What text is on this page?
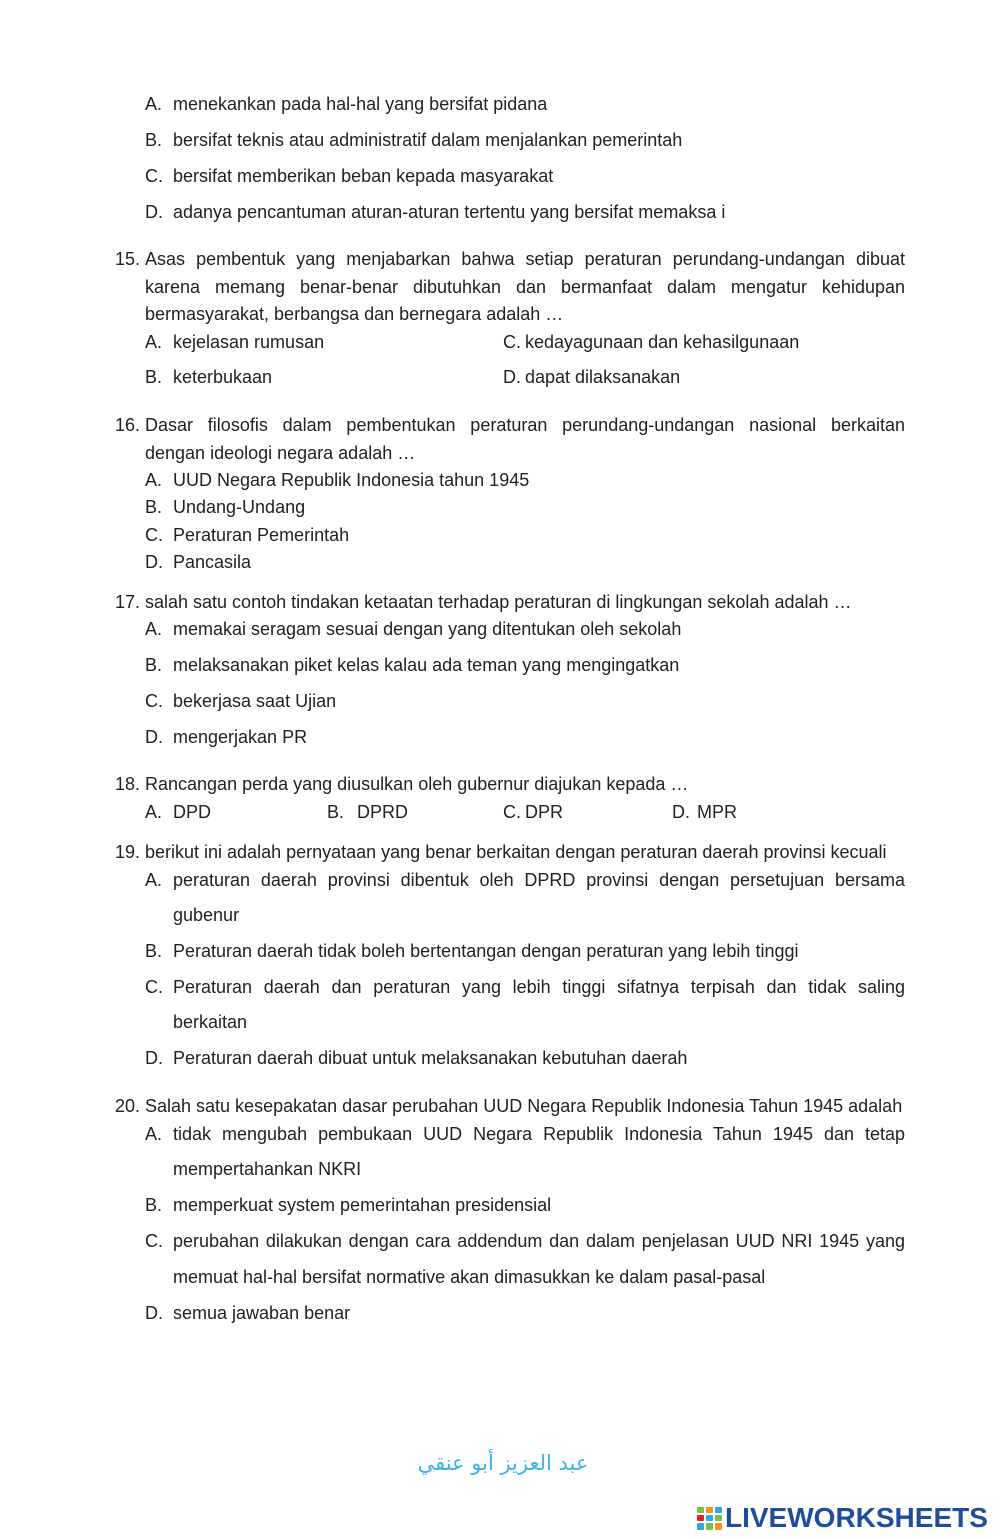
A. menekankan pada hal-hal yang bersifat pidana
B. bersifat teknis atau administratif dalam menjalankan pemerintah
C. bersifat memberikan beban kepada masyarakat
D. adanya pencantuman aturan-aturan tertentu yang bersifat memaksa i
15. Asas pembentuk yang menjabarkan bahwa setiap peraturan perundang-undangan dibuat
karena memang benar-benar dibutuhkan dan bermanfaat dalam mengatur kehidupan
bermasyarakat, berbangsa dan bernegara adalah …
A. kejelasan rumusan
B. keterbukaan
C. kedayagunaan dan kehasilgunaan
D. dapat dilaksanakan
16. Dasar filosofis dalam pembentukan peraturan perundang-undangan nasional berkaitan
dengan ideologi negara adalah …
A. UUD Negara Republik Indonesia tahun 1945
B. Undang-Undang
C. Peraturan Pemerintah
D. Pancasila
17. salah satu contoh tindakan ketaatan terhadap peraturan di lingkungan sekolah adalah …
A. memakai seragam sesuai dengan yang ditentukan oleh sekolah
B. melaksanakan piket kelas kalau ada teman yang mengingatkan
C. bekerjasa saat Ujian
D. mengerjakan PR
18. Rancangan perda yang diusulkan oleh gubernur diajukan kepada …
A. DPD	B. DPRD	C. DPR	D. MPR
19. berikut ini adalah pernyataan yang benar berkaitan dengan peraturan daerah provinsi kecuali
A. peraturan daerah provinsi dibentuk oleh DPRD provinsi dengan persetujuan bersama
gubenur
B. Peraturan daerah tidak boleh bertentangan dengan peraturan yang lebih tinggi
C. Peraturan daerah dan peraturan yang lebih tinggi sifatnya terpisah dan tidak saling
berkaitan
D. Peraturan daerah dibuat untuk melaksanakan kebutuhan daerah
20. Salah satu kesepakatan dasar perubahan UUD Negara Republik Indonesia Tahun 1945 adalah
A. tidak mengubah pembukaan UUD Negara Republik Indonesia Tahun 1945 dan tetap
mempertahankan NKRI
B. memperkuat system pemerintahan presidensial
C. perubahan dilakukan dengan cara addendum dan dalam penjelasan UUD NRI 1945 yang
memuat hal-hal bersifat normative akan dimasukkan ke dalam pasal-pasal
D. semua jawaban benar
عبد العزيز أبو عنقي
LIVEWORKSHEETS
